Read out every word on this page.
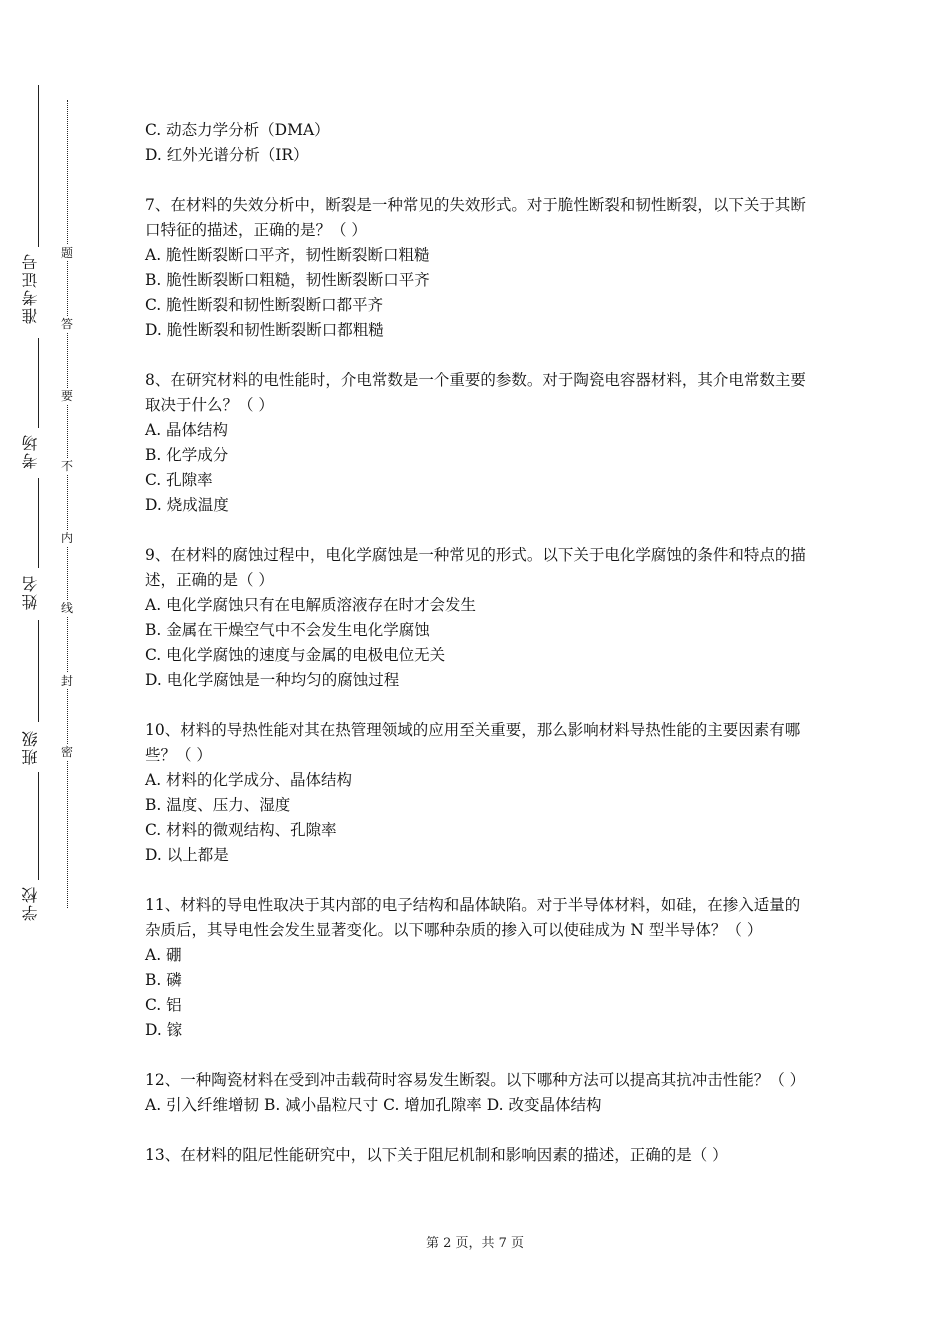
准考证号
考场
姓名
班级
学校
题
答
要
不
内
线
封
密

C. 动态力学分析（DMA）

D. 红外光谱分析（IR）

7、在材料的失效分析中，断裂是一种常见的失效形式。对于脆性断裂和韧性断裂，以下关于其断口特征的描述，正确的是？（ ）

A. 脆性断裂断口平齐，韧性断裂断口粗糙

B. 脆性断裂断口粗糙，韧性断裂断口平齐

C. 脆性断裂和韧性断裂断口都平齐

D. 脆性断裂和韧性断裂断口都粗糙

8、在研究材料的电性能时，介电常数是一个重要的参数。对于陶瓷电容器材料，其介电常数主要取决于什么？（ ）

A. 晶体结构

B. 化学成分

C. 孔隙率

D. 烧成温度

9、在材料的腐蚀过程中，电化学腐蚀是一种常见的形式。以下关于电化学腐蚀的条件和特点的描述，正确的是（ ）

A. 电化学腐蚀只有在电解质溶液存在时才会发生

B. 金属在干燥空气中不会发生电化学腐蚀

C. 电化学腐蚀的速度与金属的电极电位无关

D. 电化学腐蚀是一种均匀的腐蚀过程

10、材料的导热性能对其在热管理领域的应用至关重要，那么影响材料导热性能的主要因素有哪些？（ ）

A. 材料的化学成分、晶体结构

B. 温度、压力、湿度

C. 材料的微观结构、孔隙率

D. 以上都是

11、材料的导电性取决于其内部的电子结构和晶体缺陷。对于半导体材料，如硅，在掺入适量的杂质后，其导电性会发生显著变化。以下哪种杂质的掺入可以使硅成为 N 型半导体？（ ）

A. 硼

B. 磷

C. 铝

D. 镓

12、一种陶瓷材料在受到冲击载荷时容易发生断裂。以下哪种方法可以提高其抗冲击性能？（ ）

A. 引入纤维增韧 B. 减小晶粒尺寸 C. 增加孔隙率 D. 改变晶体结构

13、在材料的阻尼性能研究中，以下关于阻尼机制和影响因素的描述，正确的是（ ）

第 2 页，共 7 页
